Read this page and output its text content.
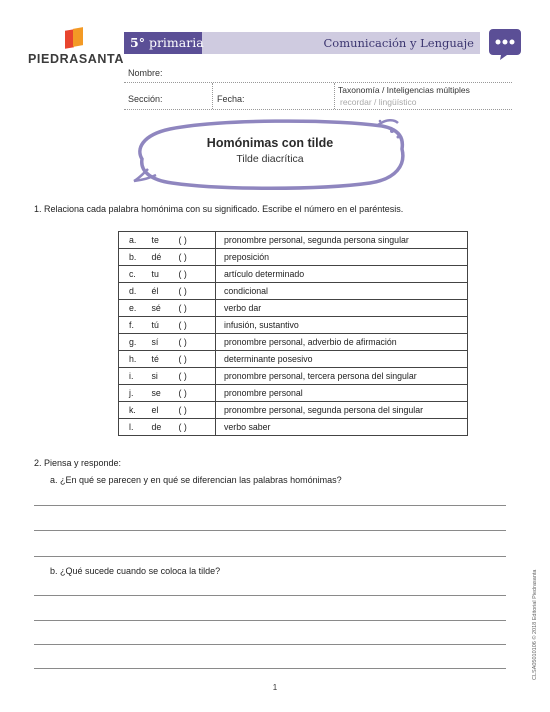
PIEDRASANTA
5° primaria	Comunicación y Lenguaje
Nombre:
Sección:	Fecha:
Taxonomía / Inteligencias múltiples
recordar / lingüístico
Homónimas con tilde
Tilde diacrítica
1. Relaciona cada palabra homónima con su significado. Escribe el número en el paréntesis.
a.	te	( )	pronombre personal, segunda persona singular
b.	dé	( )	preposición
c.	tu	( )	artículo determinado
d.	él	( )	condicional
e.	sé	( )	verbo dar
f.	tú	( )	infusión, sustantivo
g.	sí	( )	pronombre personal, adverbio de afirmación
h.	té	( )	determinante posesivo
i.	si	( )	pronombre personal, tercera persona del singular
j.	se	( )	pronombre personal
k.	el	( )	pronombre personal, segunda persona del singular
l.	de	( )	verbo saber
2. Piensa y responde:
a. ¿En qué se parecen y en qué se diferencian las palabras homónimas?
b. ¿Qué sucede cuando se coloca la tilde?	CLSA05010106 © 2018 Editorial Piedrasanta
1
